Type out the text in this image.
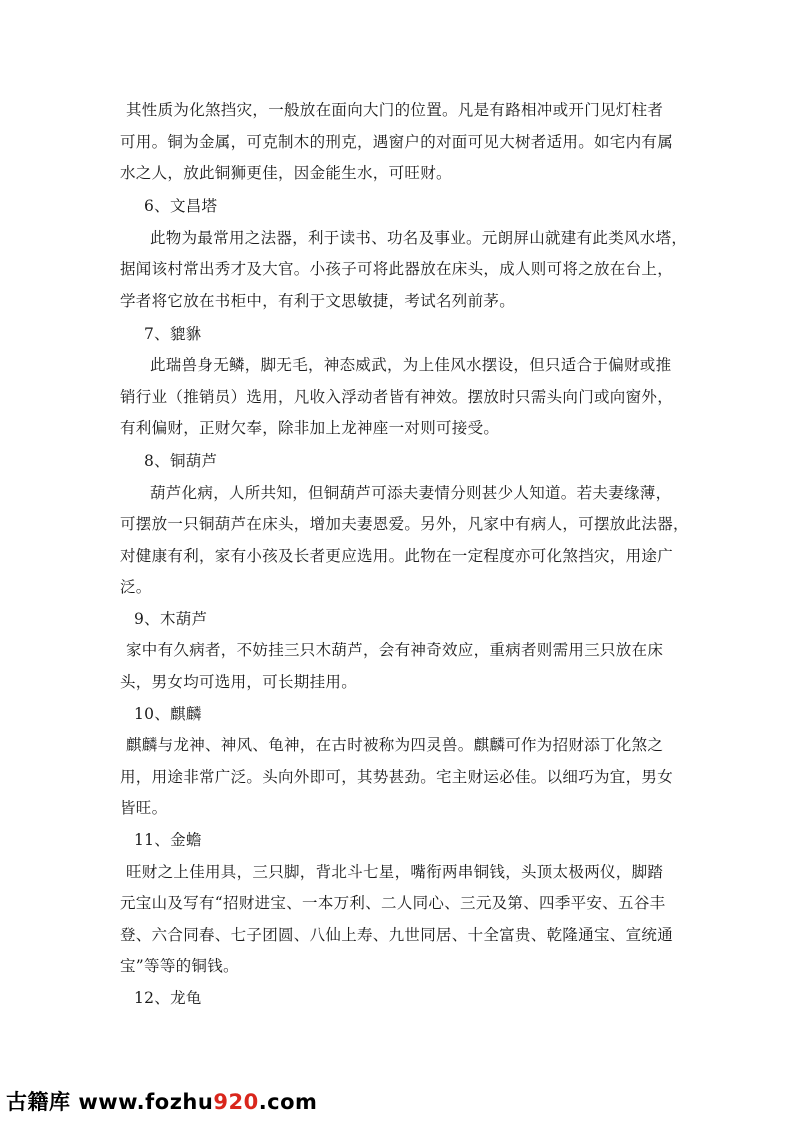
其性质为化煞挡灾，一般放在面向大门的位置。凡是有路相冲或开门见灯柱者
可用。铜为金属，可克制木的刑克，遇窗户的对面可见大树者适用。如宅内有属
水之人，放此铜狮更佳，因金能生水，可旺财。
6、文昌塔
此物为最常用之法器，利于读书、功名及事业。元朗屏山就建有此类风水塔，
据闻该村常出秀才及大官。小孩子可将此器放在床头，成人则可将之放在台上，
学者将它放在书柜中，有利于文思敏捷，考试名列前茅。
7、貔貅
此瑞兽身无鳞，脚无毛，神态威武，为上佳风水摆设，但只适合于偏财或推
销行业（推销员）选用，凡收入浮动者皆有神效。摆放时只需头向门或向窗外，
有利偏财，正财欠奉，除非加上龙神座一对则可接受。
8、铜葫芦
葫芦化病，人所共知，但铜葫芦可添夫妻情分则甚少人知道。若夫妻缘薄，
可摆放一只铜葫芦在床头，增加夫妻恩爱。另外，凡家中有病人，可摆放此法器，
对健康有利，家有小孩及长者更应选用。此物在一定程度亦可化煞挡灾，用途广
泛。
9、木葫芦
家中有久病者，不妨挂三只木葫芦，会有神奇效应，重病者则需用三只放在床
头，男女均可选用，可长期挂用。
10、麒麟
麒麟与龙神、神风、龟神，在古时被称为四灵兽。麒麟可作为招财添丁化煞之
用，用途非常广泛。头向外即可，其势甚劲。宅主财运必佳。以细巧为宜，男女
皆旺。
11、金蟾
旺财之上佳用具，三只脚，背北斗七星，嘴衔两串铜钱，头顶太极两仪，脚踏
元宝山及写有“招财进宝、一本万利、二人同心、三元及第、四季平安、五谷丰
登、六合同春、七子团圆、八仙上寿、九世同居、十全富贵、乾隆通宝、宣统通
宝”等等的铜钱。
12、龙龟
古籍库 www.fozhu920.com
